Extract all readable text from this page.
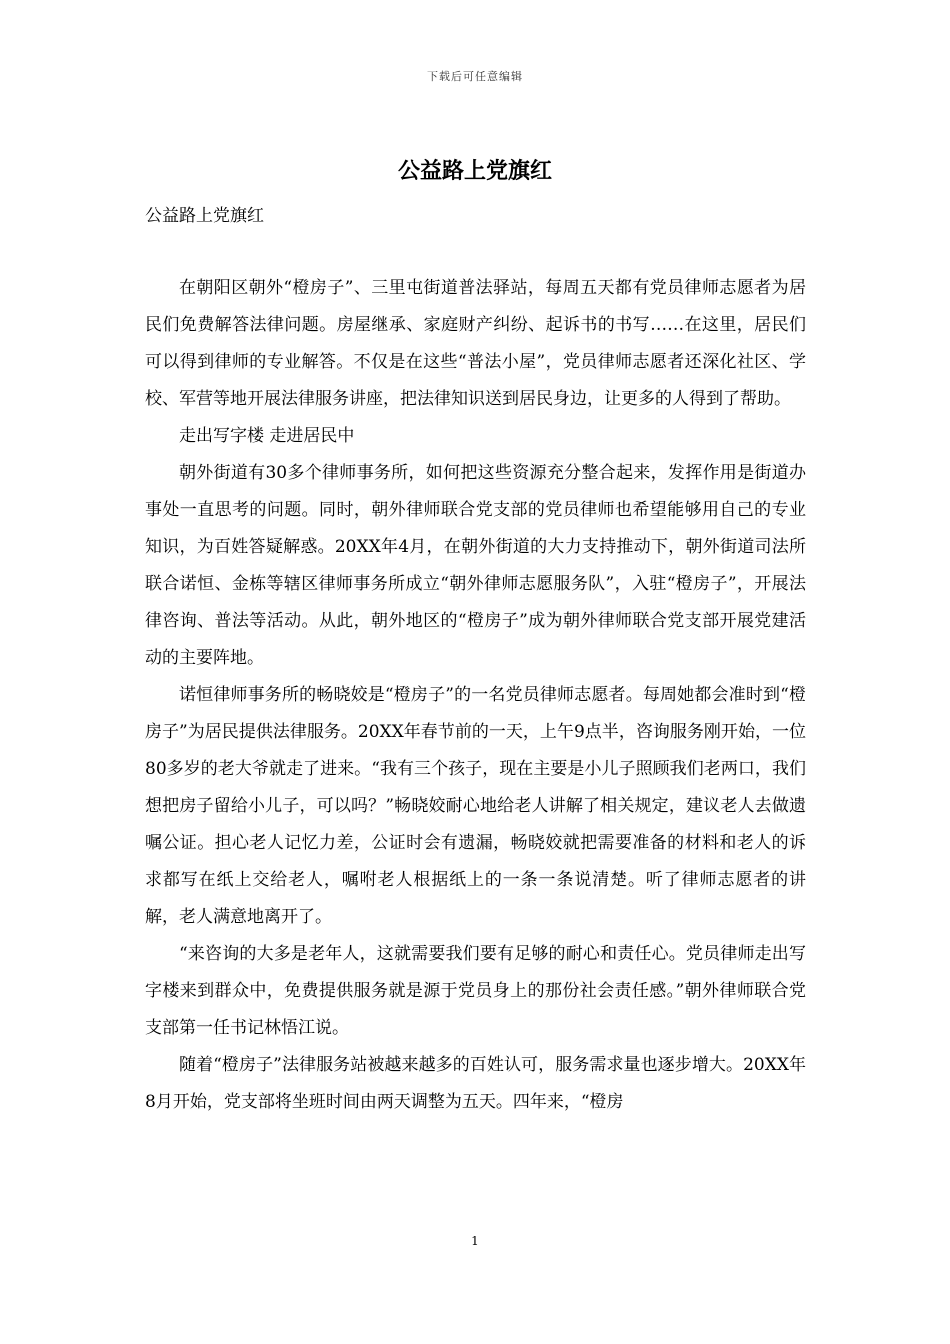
下载后可任意编辑
公益路上党旗红
公益路上党旗红

在朝阳区朝外“橙房子”、三里屯街道普法驿站，每周五天都有党员律师志愿者为居民们免费解答法律问题。房屋继承、家庭财产纠纷、起诉书的书写……在这里，居民们可以得到律师的专业解答。不仅是在这些“普法小屋”，党员律师志愿者还深化社区、学校、军营等地开展法律服务讲座，把法律知识送到居民身边，让更多的人得到了帮助。

走出写字楼 走进居民中

朝外街道有30多个律师事务所，如何把这些资源充分整合起来，发挥作用是街道办事处一直思考的问题。同时，朝外律师联合党支部的党员律师也希望能够用自己的专业知识，为百姓答疑解惑。20XX年4月，在朝外街道的大力支持推动下，朝外街道司法所联合诺恒、金栋等辖区律师事务所成立“朝外律师志愿服务队”，入驻“橙房子”，开展法律咨询、普法等活动。从此，朝外地区的“橙房子”成为朝外律师联合党支部开展党建活动的主要阵地。

诺恒律师事务所的畅晓姣是“橙房子”的一名党员律师志愿者。每周她都会准时到“橙房子”为居民提供法律服务。20XX年春节前的一天，上午9点半，咨询服务刚开始，一位80多岁的老大爷就走了进来。“我有三个孩子，现在主要是小儿子照顾我们老两口，我们想把房子留给小儿子，可以吗？”畅晓姣耐心地给老人讲解了相关规定，建议老人去做遗嘱公证。担心老人记忆力差，公证时会有遗漏，畅晓姣就把需要准备的材料和老人的诉求都写在纸上交给老人，嘱咐老人根据纸上的一条一条说清楚。听了律师志愿者的讲解，老人满意地离开了。

“来咨询的大多是老年人，这就需要我们要有足够的耐心和责任心。党员律师走出写字楼来到群众中，免费提供服务就是源于党员身上的那份社会责任感。”朝外律师联合党支部第一任书记林悟江说。

随着“橙房子”法律服务站被越来越多的百姓认可，服务需求量也逐步增大。20XX年8月开始，党支部将坐班时间由两天调整为五天。四年来，“橙房

1
